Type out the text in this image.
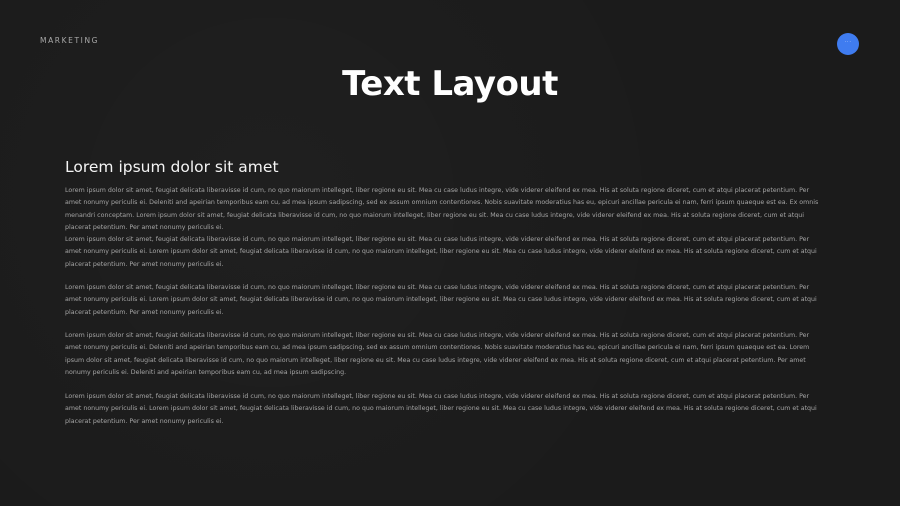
MARKETING	···
Text Layout
Lorem ipsum dolor sit amet

Lorem ipsum dolor sit amet, feugiat delicata liberavisse id cum, no quo maiorum intelleget, liber regione eu sit. Mea cu case ludus integre, vide viderer eleifend ex mea. His at soluta regione diceret, cum et atqui placerat petentium. Per amet nonumy periculis ei. Deleniti and apeirian temporibus eam cu, ad mea ipsum sadipscing, sed ex assum omnium contentiones. Nobis suavitate moderatius has eu, epicuri ancillae pericula ei nam, ferri ipsum quaeque est ea. Ex omnis menandri conceptam. Lorem ipsum dolor sit amet, feugiat delicata liberavisse id cum, no quo maiorum intelleget, liber regione eu sit. Mea cu case ludus integre, vide viderer eleifend ex mea. His at soluta regione diceret, cum et atqui placerat petentium. Per amet nonumy periculis ei.

Lorem ipsum dolor sit amet, feugiat delicata liberavisse id cum, no quo maiorum intelleget, liber regione eu sit. Mea cu case ludus integre, vide viderer eleifend ex mea. His at soluta regione diceret, cum et atqui placerat petentium. Per amet nonumy periculis ei. Lorem ipsum dolor sit amet, feugiat delicata liberavisse id cum, no quo maiorum intelleget, liber regione eu sit. Mea cu case ludus integre, vide viderer eleifend ex mea. His at soluta regione diceret, cum et atqui placerat petentium. Per amet nonumy periculis ei.

Lorem ipsum dolor sit amet, feugiat delicata liberavisse id cum, no quo maiorum intelleget, liber regione eu sit. Mea cu case ludus integre, vide viderer eleifend ex mea. His at soluta regione diceret, cum et atqui placerat petentium. Per amet nonumy periculis ei. Lorem ipsum dolor sit amet, feugiat delicata liberavisse id cum, no quo maiorum intelleget, liber regione eu sit. Mea cu case ludus integre, vide viderer eleifend ex mea. His at soluta regione diceret, cum et atqui placerat petentium. Per amet nonumy periculis ei.

Lorem ipsum dolor sit amet, feugiat delicata liberavisse id cum, no quo maiorum intelleget, liber regione eu sit. Mea cu case ludus integre, vide viderer eleifend ex mea. His at soluta regione diceret, cum et atqui placerat petentium. Per amet nonumy periculis ei. Deleniti and apeirian temporibus eam cu, ad mea ipsum sadipscing, sed ex assum omnium contentiones. Nobis suavitate moderatius has eu, epicuri ancillae pericula ei nam, ferri ipsum quaeque est ea. Lorem ipsum dolor sit amet, feugiat delicata liberavisse id cum, no quo maiorum intelleget, liber regione eu sit. Mea cu case ludus integre, vide viderer eleifend ex mea. His at soluta regione diceret, cum et atqui placerat petentium. Per amet nonumy periculis ei. Deleniti and apeirian temporibus eam cu, ad mea ipsum sadipscing.

Lorem ipsum dolor sit amet, feugiat delicata liberavisse id cum, no quo maiorum intelleget, liber regione eu sit. Mea cu case ludus integre, vide viderer eleifend ex mea. His at soluta regione diceret, cum et atqui placerat petentium. Per amet nonumy periculis ei. Lorem ipsum dolor sit amet, feugiat delicata liberavisse id cum, no quo maiorum intelleget, liber regione eu sit. Mea cu case ludus integre, vide viderer eleifend ex mea. His at soluta regione diceret, cum et atqui placerat petentium. Per amet nonumy periculis ei.
